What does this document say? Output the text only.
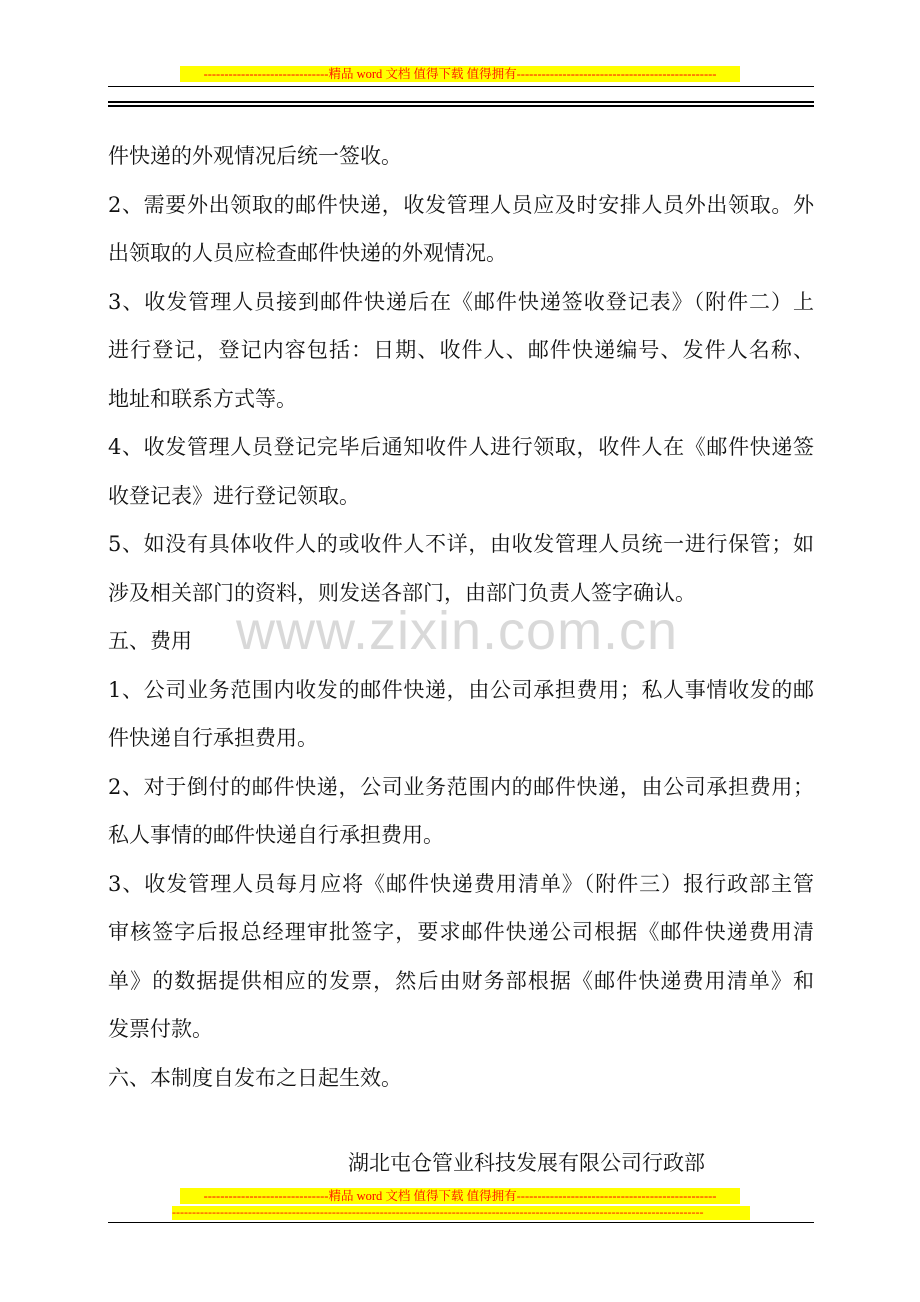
------------------------------精品 word 文档 值得下载 值得拥有------------------------------------------------
www.zixin.com.cn
件快递的外观情况后统一签收。
2、需要外出领取的邮件快递，收发管理人员应及时安排人员外出领取。外
出领取的人员应检查邮件快递的外观情况。
3、收发管理人员接到邮件快递后在《邮件快递签收登记表》（附件二）上
进行登记，登记内容包括：日期、收件人、邮件快递编号、发件人名称、
地址和联系方式等。
4、收发管理人员登记完毕后通知收件人进行领取，收件人在《邮件快递签
收登记表》进行登记领取。
5、如没有具体收件人的或收件人不详，由收发管理人员统一进行保管；如
涉及相关部门的资料，则发送各部门，由部门负责人签字确认。
五、费用
1、公司业务范围内收发的邮件快递，由公司承担费用；私人事情收发的邮
件快递自行承担费用。
2、对于倒付的邮件快递，公司业务范围内的邮件快递，由公司承担费用；
私人事情的邮件快递自行承担费用。
3、收发管理人员每月应将《邮件快递费用清单》（附件三）报行政部主管
审核签字后报总经理审批签字，要求邮件快递公司根据《邮件快递费用清
单》的数据提供相应的发票，然后由财务部根据《邮件快递费用清单》和
发票付款。
六、本制度自发布之日起生效。
湖北屯仓管业科技发展有限公司行政部
------------------------------精品 word 文档 值得下载 值得拥有------------------------------------------------
-------------------------------------------------------------------------------------------------------------------------------------
